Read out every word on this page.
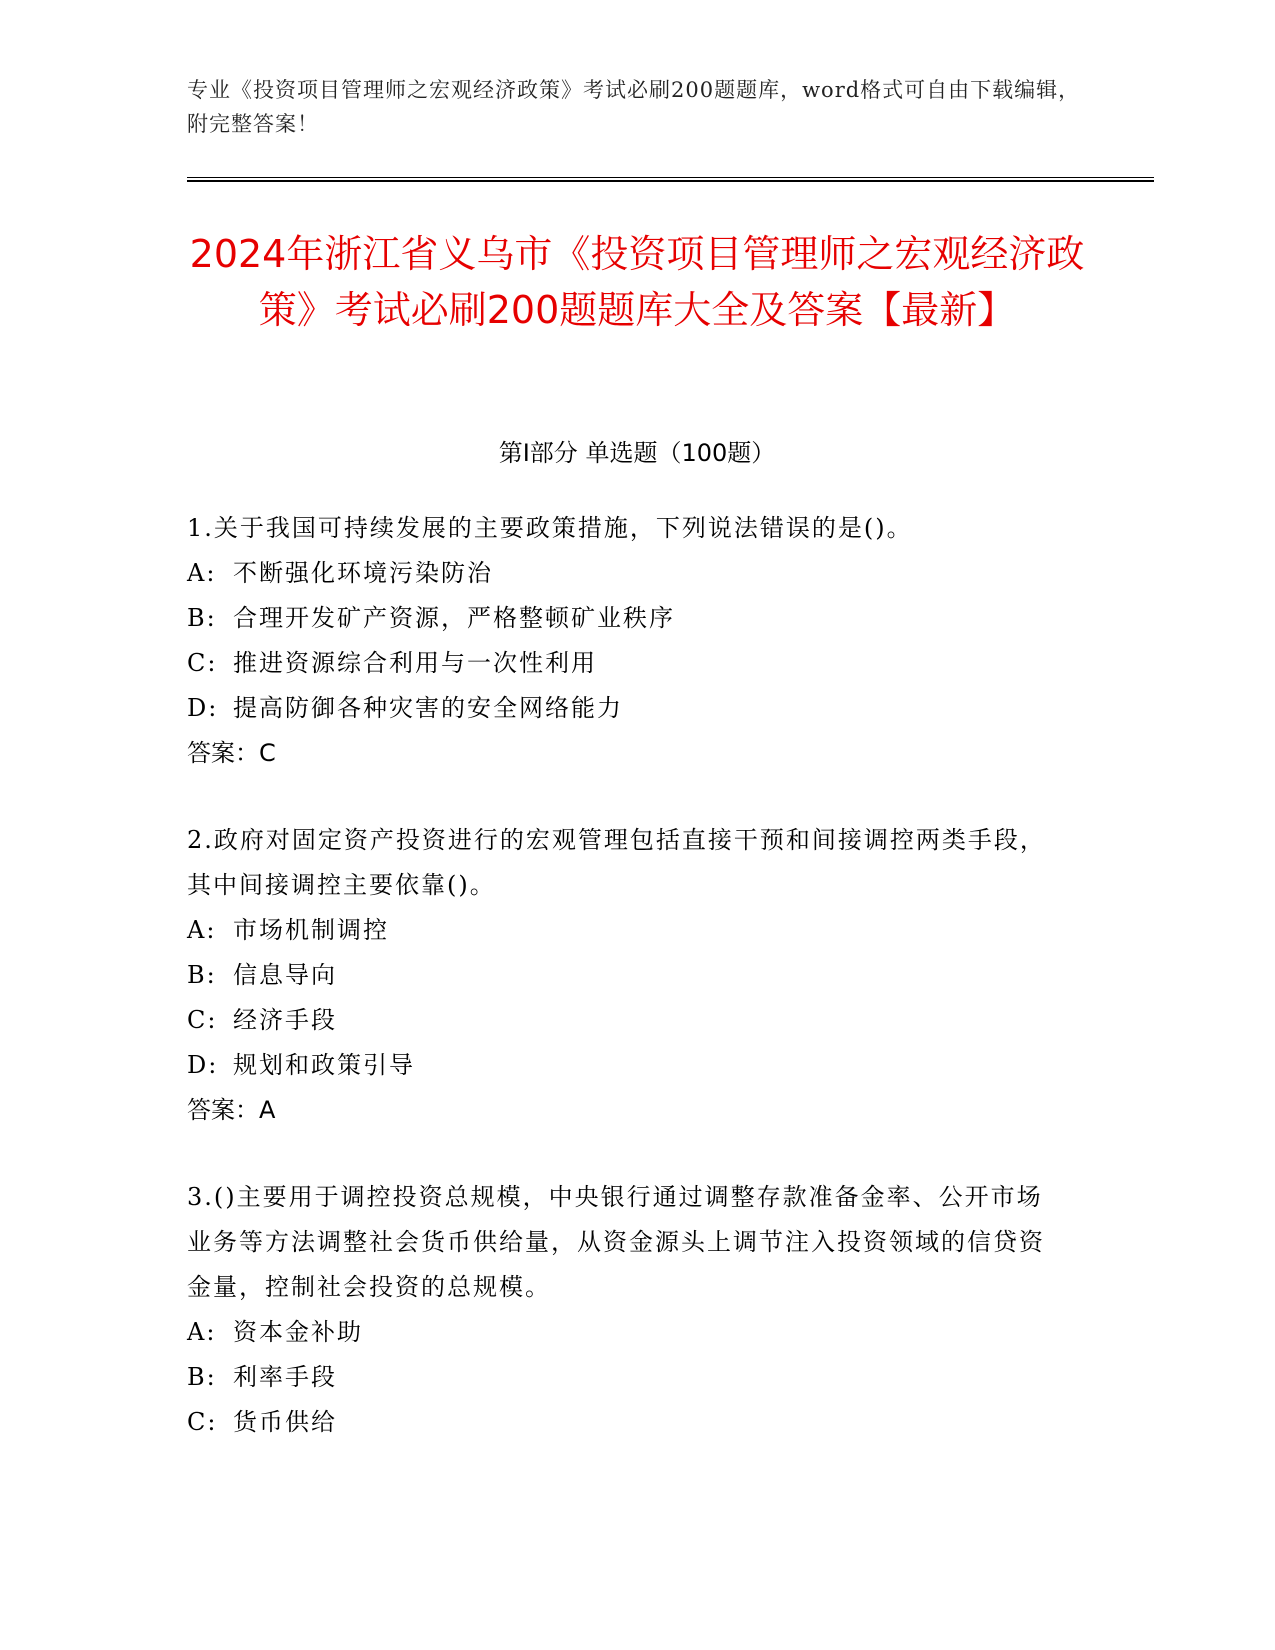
专业《投资项目管理师之宏观经济政策》考试必刷200题题库，word格式可自由下载编辑，附完整答案！
2024年浙江省义乌市《投资项目管理师之宏观经济政策》考试必刷200题题库大全及答案【最新】
第Ⅰ部分 单选题（100题）
1.关于我国可持续发展的主要政策措施，下列说法错误的是()。
A: 不断强化环境污染防治
B: 合理开发矿产资源，严格整顿矿业秩序
C: 推进资源综合利用与一次性利用
D: 提高防御各种灾害的安全网络能力
答案：C
2.政府对固定资产投资进行的宏观管理包括直接干预和间接调控两类手段，其中间接调控主要依靠()。
A: 市场机制调控
B: 信息导向
C: 经济手段
D: 规划和政策引导
答案：A
3.()主要用于调控投资总规模，中央银行通过调整存款准备金率、公开市场业务等方法调整社会货币供给量，从资金源头上调节注入投资领域的信贷资金量，控制社会投资的总规模。
A: 资本金补助
B: 利率手段
C: 货币供给
